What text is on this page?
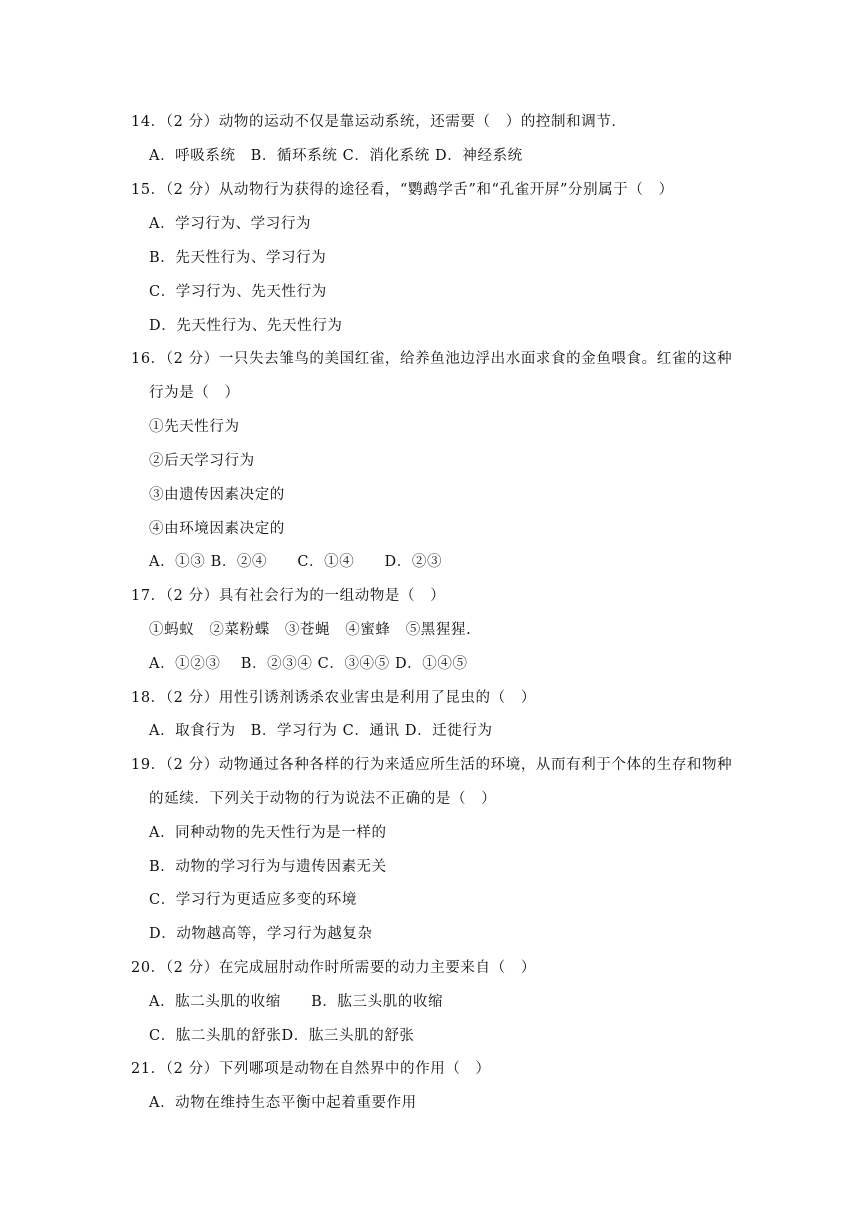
14．（2 分）动物的运动不仅是靠运动系统，还需要（　）的控制和调节．
A．呼吸系统　B．循环系统 C．消化系统 D．神经系统
15．（2 分）从动物行为获得的途径看，“鹦鹉学舌”和“孔雀开屏”分别属于（　）
A．学习行为、学习行为
B．先天性行为、学习行为
C．学习行为、先天性行为
D．先天性行为、先天性行为
16．（2 分）一只失去雏鸟的美国红雀，给养鱼池边浮出水面求食的金鱼喂食。红雀的这种
行为是（　）
①先天性行为
②后天学习行为
③由遗传因素决定的
④由环境因素决定的
A．①③ B．②④　　C．①④　　D．②③
17．（2 分）具有社会行为的一组动物是（　）
①蚂蚁　②菜粉蝶　③苍蝇　④蜜蜂　⑤黑猩猩.
A．①②③　 B．②③④ C．③④⑤ D．①④⑤
18．（2 分）用性引诱剂诱杀农业害虫是利用了昆虫的（　）
A．取食行为　B．学习行为 C．通讯 D．迁徙行为
19．（2 分）动物通过各种各样的行为来适应所生活的环境，从而有利于个体的生存和物种
的延续．下列关于动物的行为说法不正确的是（　）
A．同种动物的先天性行为是一样的
B．动物的学习行为与遗传因素无关
C．学习行为更适应多变的环境
D．动物越高等，学习行为越复杂
20．（2 分）在完成屈肘动作时所需要的动力主要来自（　）
A．肱二头肌的收缩　　B．肱三头肌的收缩
C．肱二头肌的舒张D．肱三头肌的舒张
21．（2 分）下列哪项是动物在自然界中的作用（　）
A．动物在维持生态平衡中起着重要作用
